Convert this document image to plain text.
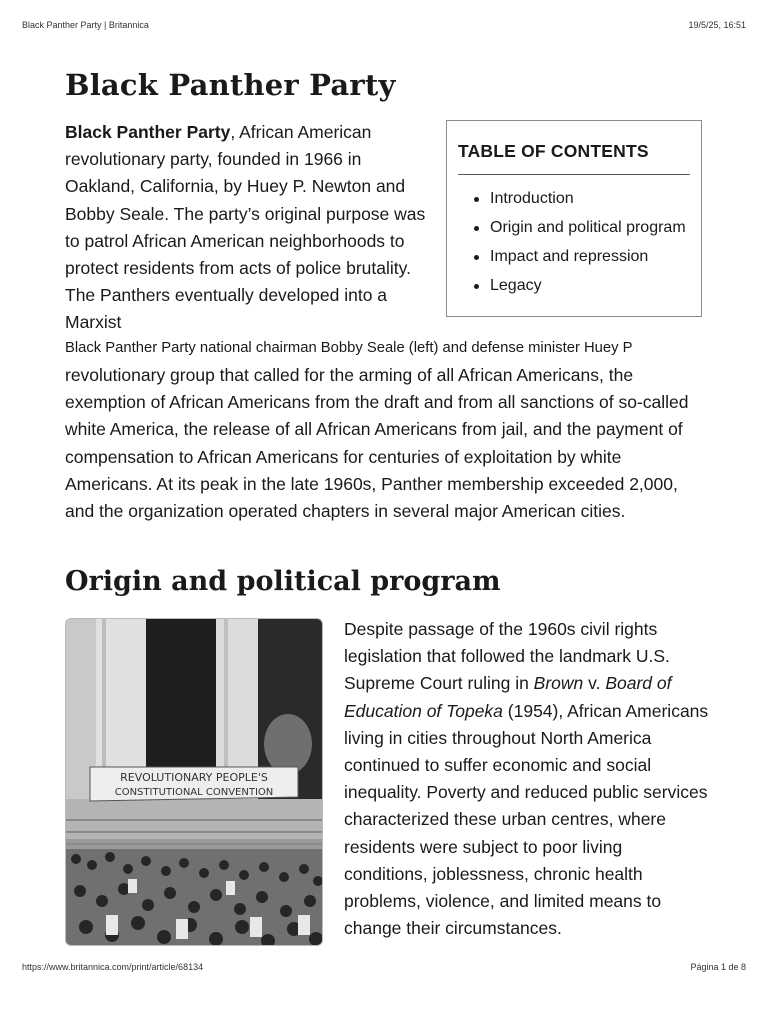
Black Panther Party | Britannica	19/5/25, 16:51
Black Panther Party

Black Panther Party, African American revolutionary party, founded in 1966 in Oakland, California, by Huey P. Newton and Bobby Seale. The party’s original purpose was to patrol African American neighborhoods to protect residents from acts of police brutality. The Panthers eventually developed into a Marxist

TABLE OF CONTENTS

Introduction
Origin and political program
Impact and repression
Legacy
Black Panther Party national chairman Bobby Seale (left) and defense minister Huey P

revolutionary group that called for the arming of all African Americans, the exemption of African Americans from the draft and from all sanctions of so-called white America, the release of all African Americans from jail, and the payment of compensation to African Americans for centuries of exploitation by white Americans. At its peak in the late 1960s, Panther membership exceeded 2,000, and the organization operated chapters in several major American cities.

Origin and political program
REVOLUTIONARY PEOPLE'S
CONSTITUTIONAL CONVENTION

Despite passage of the 1960s civil rights legislation that followed the landmark U.S. Supreme Court ruling in Brown v. Board of Education of Topeka (1954), African Americans living in cities throughout North America continued to suffer economic and social inequality. Poverty and reduced public services characterized these urban centres, where residents were subject to poor living conditions, joblessness, chronic health problems, violence, and limited means to change their circumstances.

https://www.britannica.com/print/article/68134	Página 1 de 8
